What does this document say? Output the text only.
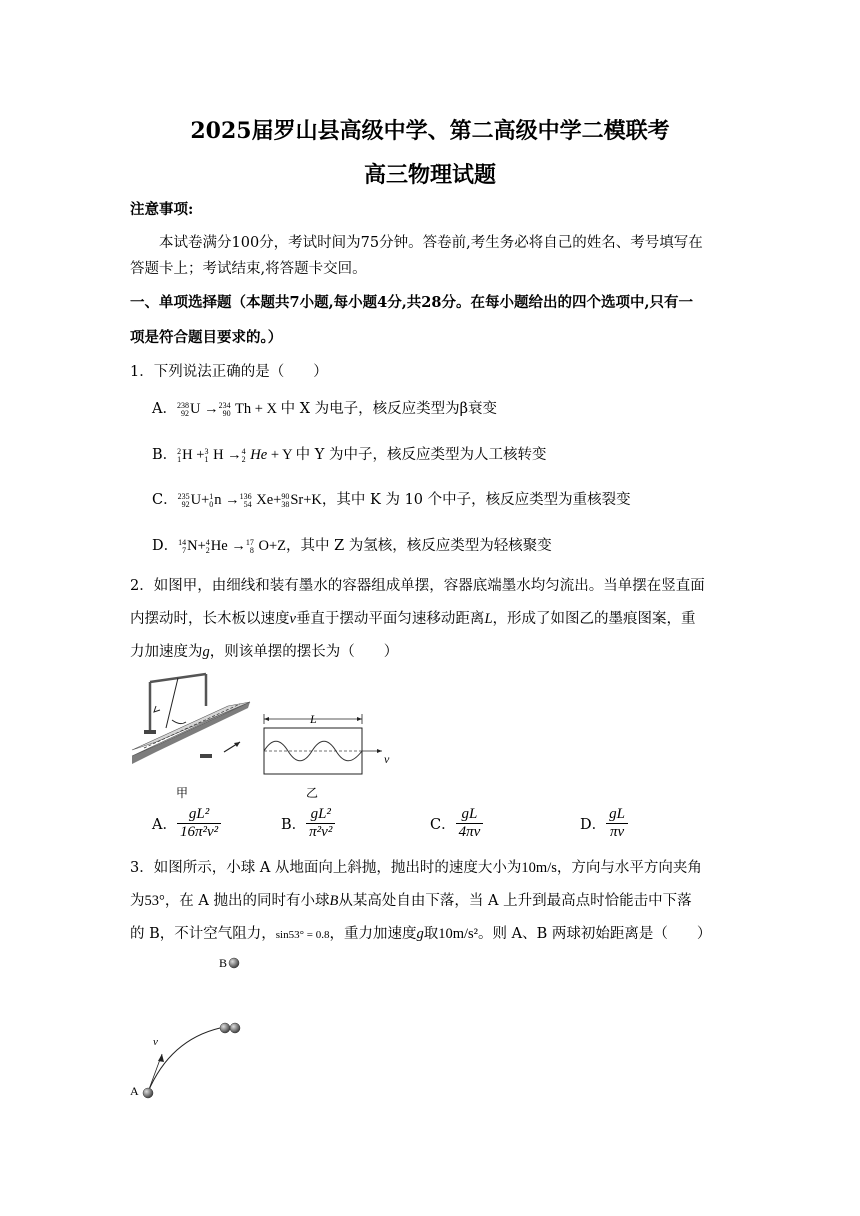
2025届罗山县高级中学、第二高级中学二模联考
高三物理试题
注意事项:
本试卷满分100分，考试时间为75分钟。答卷前,考生务必将自己的姓名、考号填写在
答题卡上；考试结束,将答题卡交回。
一、单项选择题（本题共7小题,每小题4分,共28分。在每小题给出的四个选项中,只有一
项是符合题目要求的。）
1．下列说法正确的是（　　）
A． 238
92 U → 234
90 Th + X 中 X 为电子，核反应类型为β衰变
B． 2
1 H + 3
1 H → 4
2 He + Y 中 Y 为中子，核反应类型为人工核转变
C． 235
92 U+ 1
0 n → 136
54 Xe+ 90
38 Sr+K，其中 K 为 10 个中子，核反应类型为重核裂变
D． 14
7 N+ 4
2 He → 17
8 O+Z，其中 Z 为氢核，核反应类型为轻核聚变
2．如图甲，由细线和装有墨水的容器组成单摆，容器底端墨水均匀流出。当单摆在竖直面
内摆动时，长木板以速度v垂直于摆动平面匀速移动距离L，形成了如图乙的墨痕图案，重
力加速度为g，则该单摆的摆长为（　　）
甲
L
v
乙
A． $\frac{\text{gL²}}{\text{16π²v²}}$	B． $\frac{\text{gL²}}{\text{π²v²}}$	C． $\frac{gL}{4\pi v}$	D． $\frac{gL}{\pi v}$
3．如图所示，小球 A 从地面向上斜抛，抛出时的速度大小为10m/s，方向与水平方向夹角
为53°，在 A 抛出的同时有小球B从某高处自由下落，当 A 上升到最高点时恰能击中下落
的 B，不计空气阻力，sin53° = 0.8，重力加速度g取10m/s²。则 A、B 两球初始距离是（　　）
B
v
A
